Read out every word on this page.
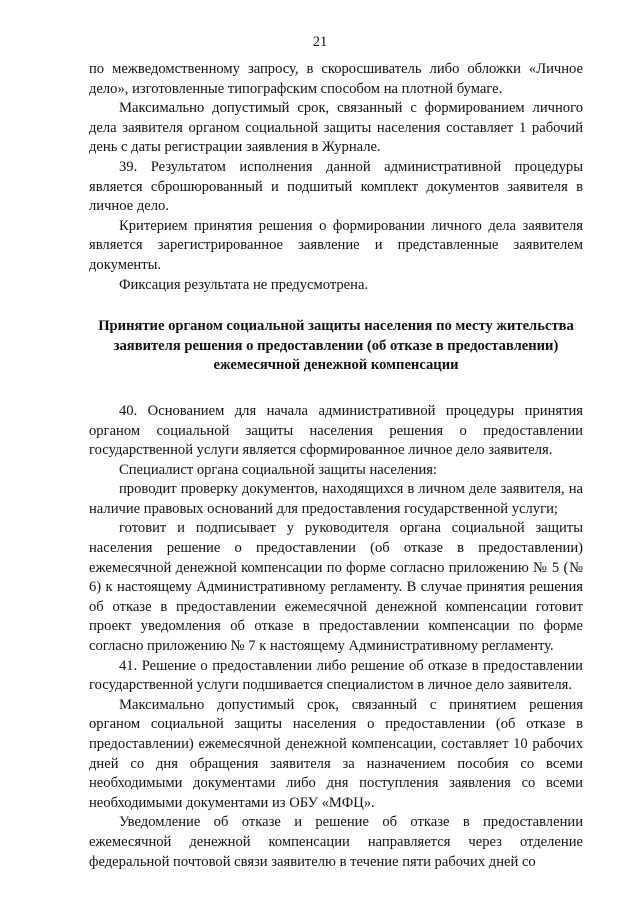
21

по межведомственному запросу, в скоросшиватель либо обложки «Личное дело», изготовленные типографским способом на плотной бумаге.

Максимально допустимый срок, связанный с формированием личного дела заявителя органом социальной защиты населения составляет 1 рабочий день с даты регистрации заявления в Журнале.

39. Результатом исполнения данной административной процедуры является сброшюрованный и подшитый комплект документов заявителя в личное дело.

Критерием принятия решения о формировании личного дела заявителя является зарегистрированное заявление и представленные заявителем документы.

Фиксация результата не предусмотрена.

Принятие органом социальной защиты населения по месту жительства заявителя решения о предоставлении (об отказе в предоставлении) ежемесячной денежной компенсации

40. Основанием для начала административной процедуры принятия органом социальной защиты населения решения о предоставлении государственной услуги является сформированное личное дело заявителя.

Специалист органа социальной защиты населения:

проводит проверку документов, находящихся в личном деле заявителя, на наличие правовых оснований для предоставления государственной услуги;

готовит и подписывает у руководителя органа социальной защиты населения решение о предоставлении (об отказе в предоставлении) ежемесячной денежной компенсации по форме согласно приложению № 5 (№ 6) к настоящему Административному регламенту. В случае принятия решения об отказе в предоставлении ежемесячной денежной компенсации готовит проект уведомления об отказе в предоставлении компенсации по форме согласно приложению № 7 к настоящему Административному регламенту.

41. Решение о предоставлении либо решение об отказе в предоставлении государственной услуги подшивается специалистом в личное дело заявителя.

Максимально допустимый срок, связанный с принятием решения органом социальной защиты населения о предоставлении (об отказе в предоставлении) ежемесячной денежной компенсации, составляет 10 рабочих дней со дня обращения заявителя за назначением пособия со всеми необходимыми документами либо дня поступления заявления со всеми необходимыми документами из ОБУ «МФЦ».

Уведомление об отказе и решение об отказе в предоставлении ежемесячной денежной компенсации направляется через отделение федеральной почтовой связи заявителю в течение пяти рабочих дней со
